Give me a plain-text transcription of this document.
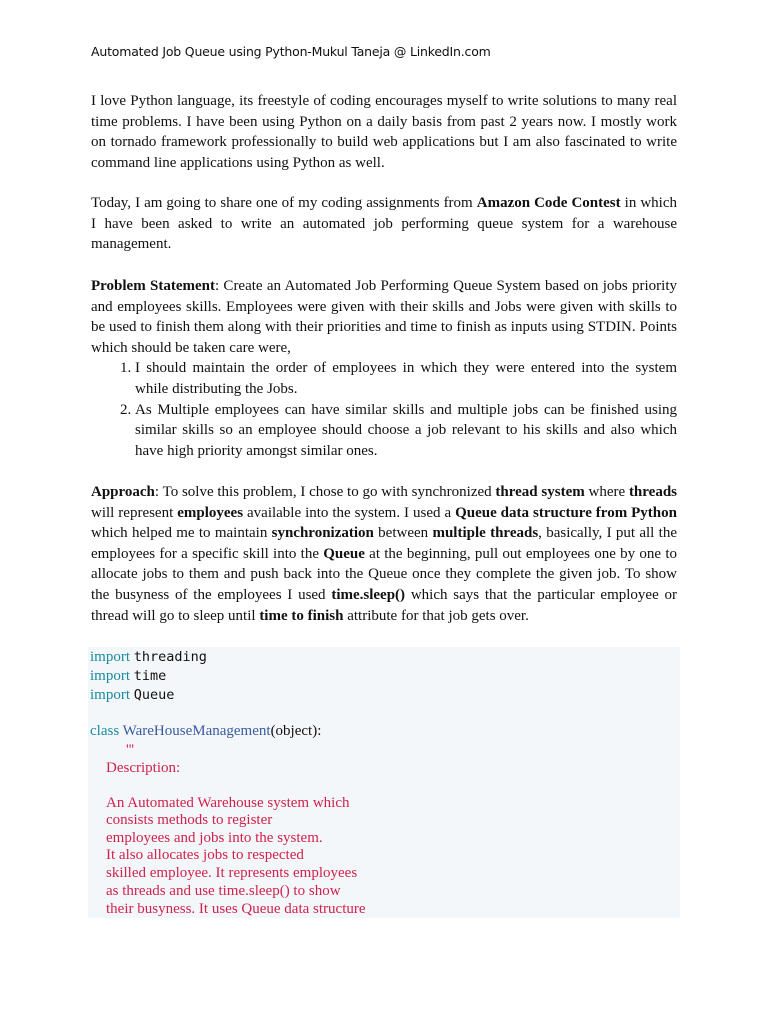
Automated Job Queue using Python-Mukul Taneja @ LinkedIn.com

I love Python language, its freestyle of coding encourages myself to write solutions to many real time problems. I have been using Python on a daily basis from past 2 years now. I mostly work on tornado framework professionally to build web applications but I am also fascinated to write command line applications using Python as well.

Today, I am going to share one of my coding assignments from Amazon Code Contest in which I have been asked to write an automated job performing queue system for a warehouse management.

Problem Statement: Create an Automated Job Performing Queue System based on jobs priority and employees skills. Employees were given with their skills and Jobs were given with skills to be used to finish them along with their priorities and time to finish as inputs using STDIN. Points which should be taken care were,

1. I should maintain the order of employees in which they were entered into the system while distributing the Jobs.
2. As Multiple employees can have similar skills and multiple jobs can be finished using similar skills so an employee should choose a job relevant to his skills and also which have high priority amongst similar ones.

Approach: To solve this problem, I chose to go with synchronized thread system where threads will represent employees available into the system. I used a Queue data structure from Python which helped me to maintain synchronization between multiple threads, basically, I put all the employees for a specific skill into the Queue at the beginning, pull out employees one by one to allocate jobs to them and push back into the Queue once they complete the given job. To show the busyness of the employees I used time.sleep() which says that the particular employee or thread will go to sleep until time to finish attribute for that job gets over.

import threading
import time
import Queue
class WareHouseManagement(object):
'''
Description:
An Automated Warehouse system which
consists methods to register
employees and jobs into the system.
It also allocates jobs to respected
skilled employee. It represents employees
as threads and use time.sleep() to show
their busyness. It uses Queue data structure
